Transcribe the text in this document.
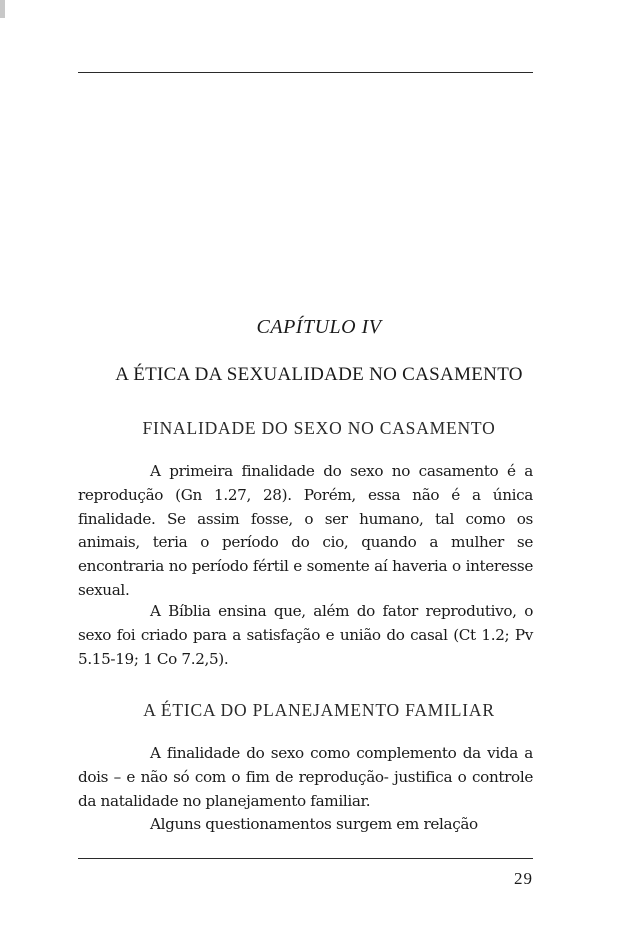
CAPÍTULO IV
A ÉTICA DA SEXUALIDADE NO CASAMENTO
FINALIDADE DO SEXO NO CASAMENTO

A primeira finalidade do sexo no casamento é a reprodução (Gn 1.27, 28). Porém, essa não é a única finalidade. Se assim fosse, o ser humano, tal como os animais, teria o período do cio, quando a mulher se encontraria no período fértil e somente aí haveria o interesse sexual.

A Bíblia ensina que, além do fator reprodutivo, o sexo foi criado para a satisfação e união do casal (Ct 1.2; Pv 5.15-19; 1 Co 7.2,5).

A ÉTICA DO PLANEJAMENTO FAMILIAR

A finalidade do sexo como complemento da vida a dois – e não só com o fim de reprodução- justifica o controle da natalidade no planejamento familiar.

Alguns questionamentos surgem em relação

29
